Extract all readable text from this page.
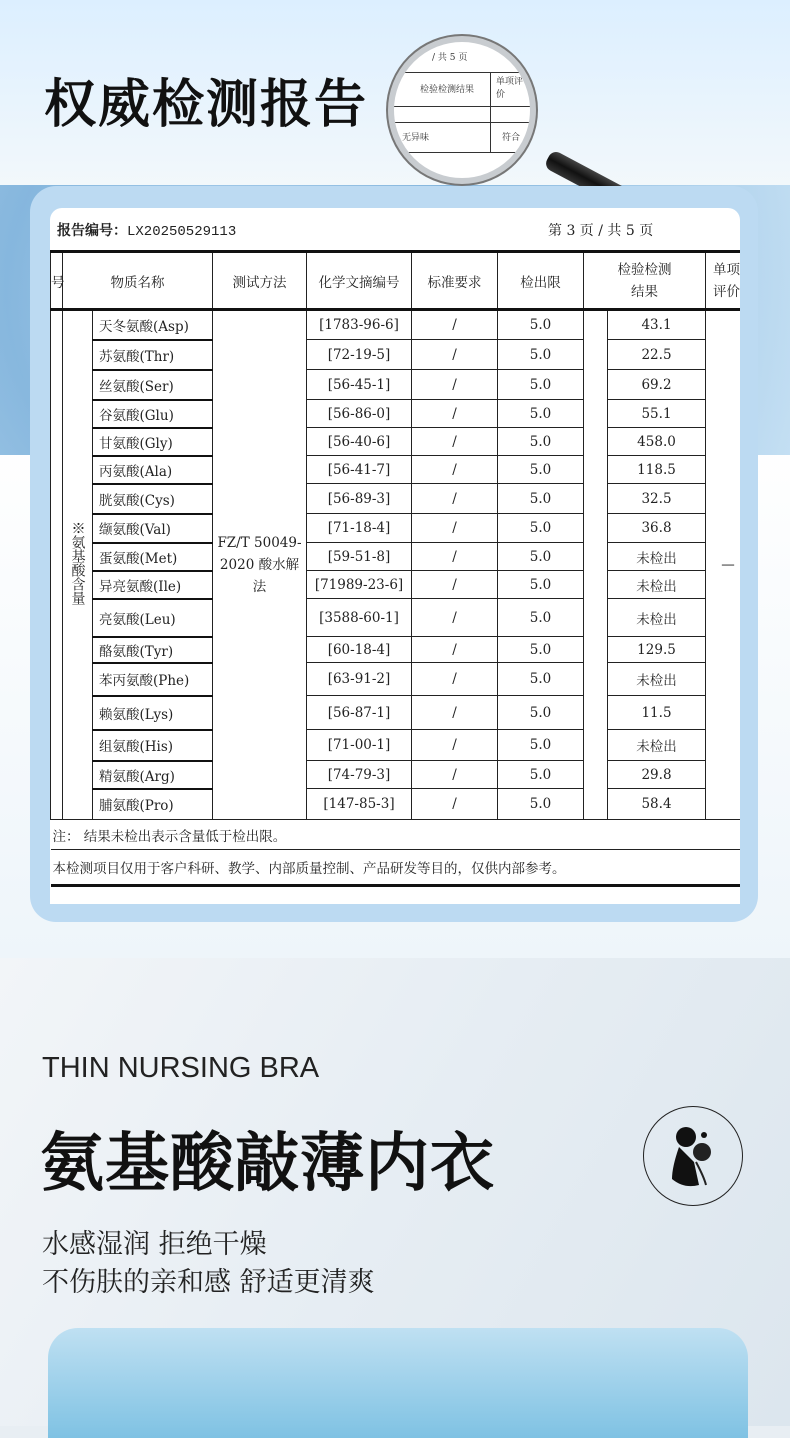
权威检测报告
/ 共 5 页
检验检测结果
单项评价
无异味	符合
报告编号：LX20250529113	第 3 页 / 共 5 页
号	物质名称		测试方法	化学文摘编号	标准要求	检出限	检验检测结果		单项评价

	※氨基酸含量	天冬氨酸(Asp)	FZ/T 50049-2020 酸水解法	[1783-96-6]	/	5.0		43.1	—
		苏氨酸(Thr)		[72-19-5]	/	5.0		22.5	
		丝氨酸(Ser)		[56-45-1]	/	5.0		69.2	
		谷氨酸(Glu)		[56-86-0]	/	5.0		55.1	
		甘氨酸(Gly)		[56-40-6]	/	5.0		458.0	
		丙氨酸(Ala)		[56-41-7]	/	5.0		118.5	
		胱氨酸(Cys)		[56-89-3]	/	5.0		32.5	
		缬氨酸(Val)		[71-18-4]	/	5.0		36.8	
		蛋氨酸(Met)		[59-51-8]	/	5.0		未检出	
		异亮氨酸(Ile)		[71989-23-6]	/	5.0		未检出	
		亮氨酸(Leu)		[3588-60-1]	/	5.0		未检出	
		酪氨酸(Tyr)		[60-18-4]	/	5.0		129.5	
		苯丙氨酸(Phe)		[63-91-2]	/	5.0		未检出	
		赖氨酸(Lys)		[56-87-1]	/	5.0		11.5	
		组氨酸(His)		[71-00-1]	/	5.0		未检出	
		精氨酸(Arg)		[74-79-3]	/	5.0		29.8	
		脯氨酸(Pro)		[147-85-3]	/	5.0		58.4	
注： 结果未检出表示含量低于检出限。									
本检测项目仅用于客户科研、教学、内部质量控制、产品研发等目的，仅供内部参考。									
THIN NURSING BRA
氨基酸敲薄内衣
水感湿润 拒绝干燥
不伤肤的亲和感 舒适更清爽
